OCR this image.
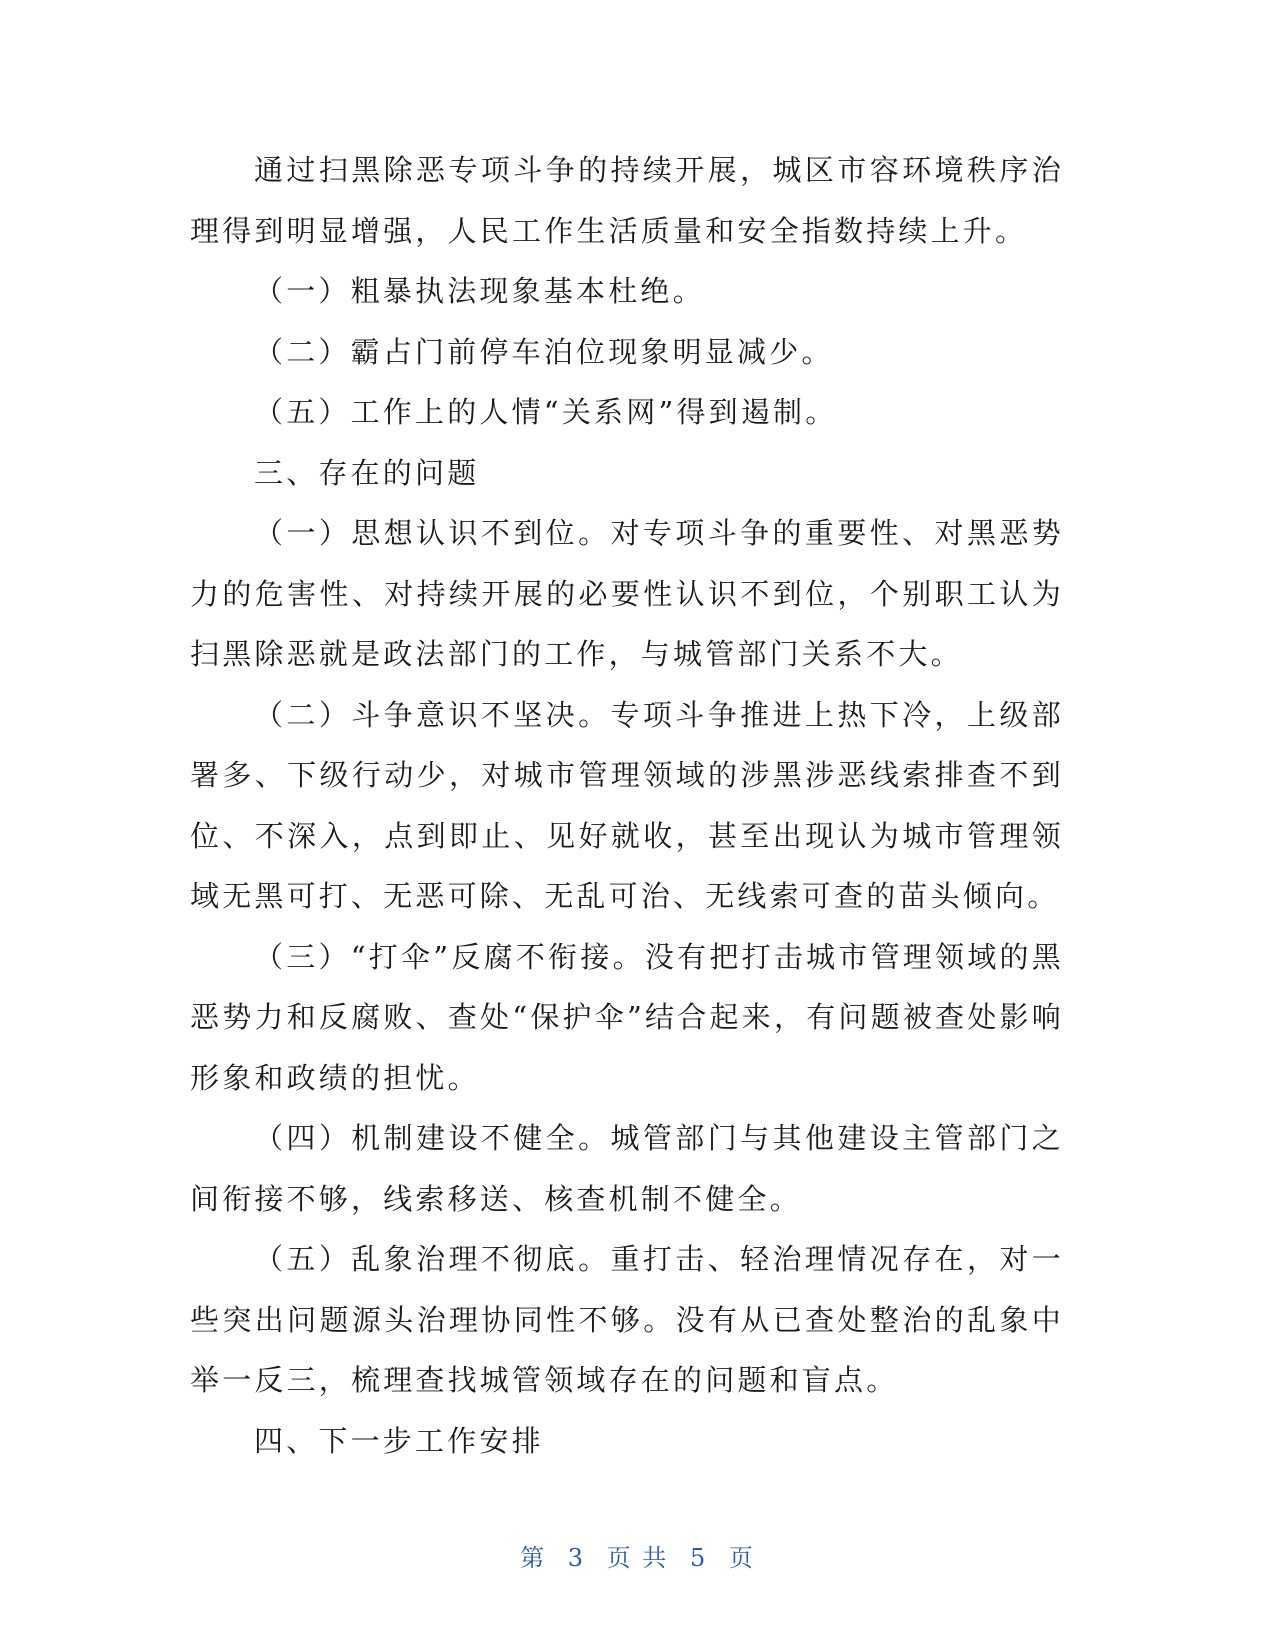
通过扫黑除恶专项斗争的持续开展，城区市容环境秩序治理得到明显增强，人民工作生活质量和安全指数持续上升。

（一）粗暴执法现象基本杜绝。

（二）霸占门前停车泊位现象明显减少。

（五）工作上的人情“关系网”得到遏制。

三、存在的问题

（一）思想认识不到位。对专项斗争的重要性、对黑恶势力的危害性、对持续开展的必要性认识不到位，个别职工认为扫黑除恶就是政法部门的工作，与城管部门关系不大。

（二）斗争意识不坚决。专项斗争推进上热下冷，上级部署多、下级行动少，对城市管理领域的涉黑涉恶线索排查不到位、不深入，点到即止、见好就收，甚至出现认为城市管理领域无黑可打、无恶可除、无乱可治、无线索可查的苗头倾向。

（三）“打伞”反腐不衔接。没有把打击城市管理领域的黑恶势力和反腐败、查处“保护伞”结合起来，有问题被查处影响形象和政绩的担忧。

（四）机制建设不健全。城管部门与其他建设主管部门之间衔接不够，线索移送、核查机制不健全。

（五）乱象治理不彻底。重打击、轻治理情况存在，对一些突出问题源头治理协同性不够。没有从已查处整治的乱象中举一反三，梳理查找城管领域存在的问题和盲点。

四、下一步工作安排

第 3 页 共 5 页
